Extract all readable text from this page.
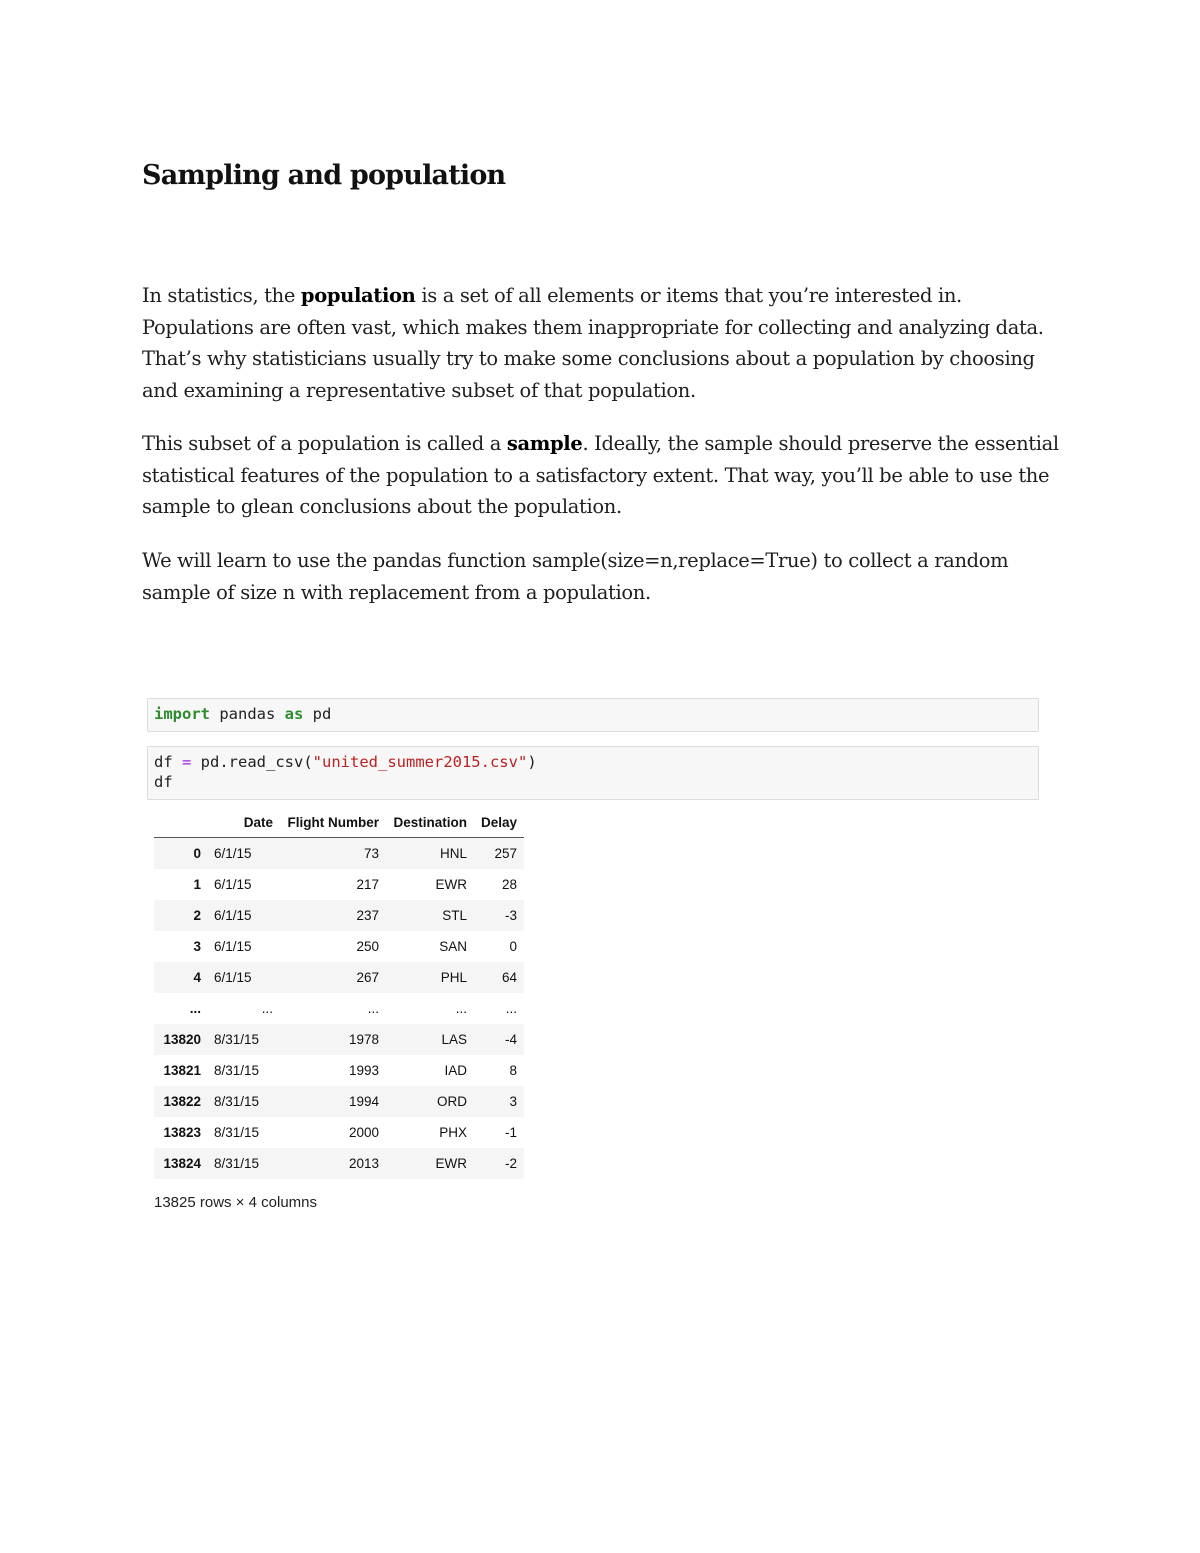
Sampling and population

In statistics, the population is a set of all elements or items that you’re interested in. Populations are often vast, which makes them inappropriate for collecting and analyzing data. That’s why statisticians usually try to make some conclusions about a population by choosing and examining a representative subset of that population.

This subset of a population is called a sample. Ideally, the sample should preserve the essential statistical features of the population to a satisfactory extent. That way, you’ll be able to use the sample to glean conclusions about the population.

We will learn to use the pandas function sample(size=n,replace=True) to collect a random sample of size n with replacement from a population.

import pandas as pd
df = pd.read_csv("united_summer2015.csv")
df
	Date	Flight Number	Destination	Delay
0	6/1/15	73	HNL	257
1	6/1/15	217	EWR	28
2	6/1/15	237	STL	-3
3	6/1/15	250	SAN	0
4	6/1/15	267	PHL	64
...	...	...	...	...
13820	8/31/15	1978	LAS	-4
13821	8/31/15	1993	IAD	8
13822	8/31/15	1994	ORD	3
13823	8/31/15	2000	PHX	-1
13824	8/31/15	2013	EWR	-2
13825 rows × 4 columns
